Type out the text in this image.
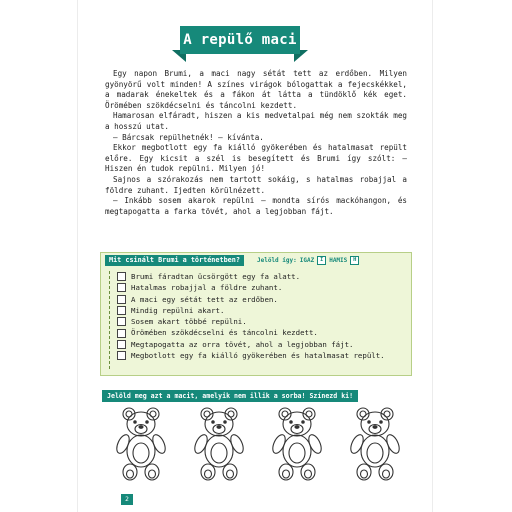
A repülő maci

Egy napon Brumi, a maci nagy sétát tett az erdőben. Milyen gyönyörű volt minden! A színes virágok bólogattak a fejecskékkel, a madarak énekeltek és a fákon át látta a tündöklő kék eget. Örömében szökdécselni és táncolni kezdett.

Hamarosan elfáradt, hiszen a kis medvetalpai még nem szokták meg a hosszú utat.

– Bárcsak repülhetnék! – kívánta.

Ekkor megbotlott egy fa kiálló gyökerében és hatalmasat repült előre. Egy kicsit a szél is besegített és Brumi így szólt: – Hiszen én tudok repülni. Milyen jó!

Sajnos a szórakozás nem tartott sokáig, s hatalmas robajjal a földre zuhant. Ijedten körülnézett.

– Inkább sosem akarok repülni – mondta sírós mackóhangon, és megtapogatta a farka tövét, ahol a legjobban fájt.

Mit csinált Brumi a történetben?	Jelöld így: IGAZ	I HAMIS	H
Brumi fáradtan ücsörgött egy fa alatt.
Hatalmas robajjal a földre zuhant.
A maci egy sétát tett az erdőben.
Mindig repülni akart.
Sosem akart többé repülni.
Örömében szökdécselni és táncolni kezdett.
Megtapogatta az orra tövét, ahol a legjobban fájt.
Megbotlott egy fa kiálló gyökerében és hatalmasat repült.
Jelöld meg azt a macit, amelyik nem illik a sorba! Színezd ki!
2
